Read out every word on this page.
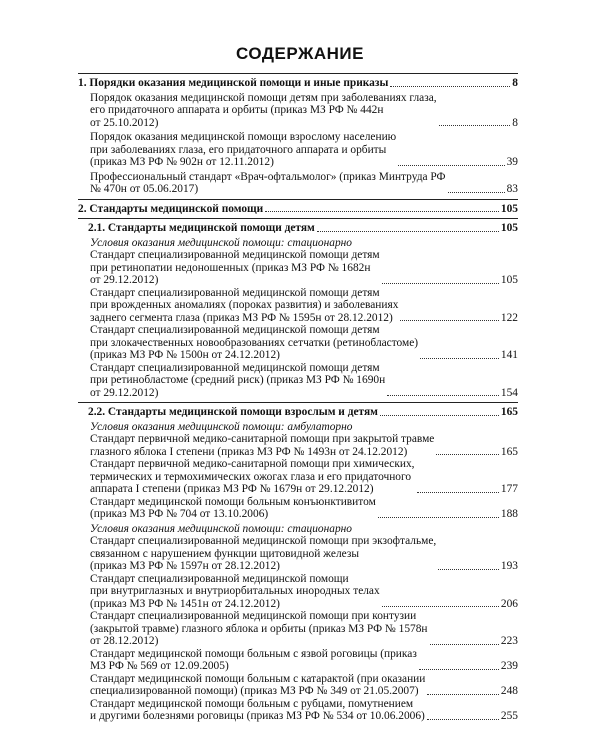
СОДЕРЖАНИЕ
1. Порядки оказания медицинской помощи и иные приказы	8
Порядок оказания медицинской помощи детям при заболеваниях глаза,
его придаточного аппарата и орбиты (приказ МЗ РФ № 442н
от 25.10.2012)	8
Порядок оказания медицинской помощи взрослому населению
при заболеваниях глаза, его придаточного аппарата и орбиты
(приказ МЗ РФ № 902н от 12.11.2012)	39
Профессиональный стандарт «Врач-офтальмолог» (приказ Минтруда РФ
№ 470н от 05.06.2017)	83
2. Стандарты медицинской помощи	105
2.1. Стандарты медицинской помощи детям	105
Условия оказания медицинской помощи: стационарно
Стандарт специализированной медицинской помощи детям
при ретинопатии недоношенных (приказ МЗ РФ № 1682н
от 29.12.2012)	105
Стандарт специализированной медицинской помощи детям
при врожденных аномалиях (пороках развития) и заболеваниях
заднего сегмента глаза (приказ МЗ РФ № 1595н от 28.12.2012)	122
Стандарт специализированной медицинской помощи детям
при злокачественных новообразованиях сетчатки (ретинобластоме)
(приказ МЗ РФ № 1500н от 24.12.2012)	141
Стандарт специализированной медицинской помощи детям
при ретинобластоме (средний риск) (приказ МЗ РФ № 1690н
от 29.12.2012)	154
2.2. Стандарты медицинской помощи взрослым и детям	165
Условия оказания медицинской помощи: амбулаторно
Стандарт первичной медико-санитарной помощи при закрытой травме
глазного яблока I степени (приказ МЗ РФ № 1493н от 24.12.2012)	165
Стандарт первичной медико-санитарной помощи при химических,
термических и термохимических ожогах глаза и его придаточного
аппарата I степени (приказ МЗ РФ № 1679н от 29.12.2012)	177
Стандарт медицинской помощи больным конъюнктивитом
(приказ МЗ РФ № 704 от 13.10.2006)	188
Условия оказания медицинской помощи: стационарно
Стандарт специализированной медицинской помощи при экзофтальме,
связанном с нарушением функции щитовидной железы
(приказ МЗ РФ № 1597н от 28.12.2012)	193
Стандарт специализированной медицинской помощи
при внутриглазных и внутриорбитальных инородных телах
(приказ МЗ РФ № 1451н от 24.12.2012)	206
Стандарт специализированной медицинской помощи при контузии
(закрытой травме) глазного яблока и орбиты (приказ МЗ РФ № 1578н
от 28.12.2012)	223
Стандарт медицинской помощи больным с язвой роговицы (приказ
МЗ РФ № 569 от 12.09.2005)	239
Стандарт медицинской помощи больным с катарактой (при оказании
специализированной помощи) (приказ МЗ РФ № 349 от 21.05.2007)	248
Стандарт медицинской помощи больным с рубцами, помутнением
и другими болезнями роговицы (приказ МЗ РФ № 534 от 10.06.2006)	255
